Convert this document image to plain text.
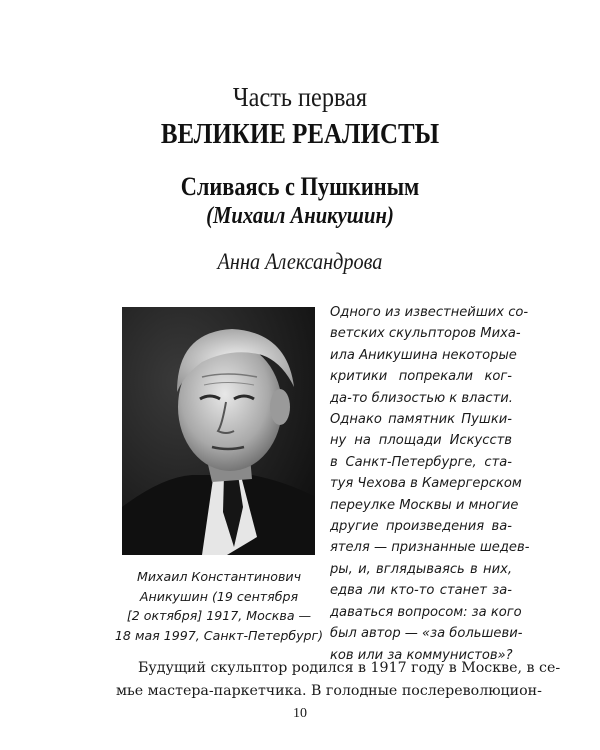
Часть первая
ВЕЛИКИЕ РЕАЛИСТЫ
Сливаясь с Пушкиным
(Михаил Аникушин)
Анна Александрова
Михаил Константинович
Аникушин (19 сентября
[2 октября] 1917, Москва —
18 мая 1997, Санкт-Петербург)
Одного из известнейших со-
ветских скульпторов Миха-
ила Аникушина некоторые
критики попрекали ког-
да-то близостью к власти.
Однако памятник Пушки-
ну на площади Искусств
в Санкт-Петербурге, ста-
туя Чехова в Камергерском
переулке Москвы и многие
другие произведения ва-
ятеля — признанные шедев-
ры, и, вглядываясь в них,
едва ли кто-то станет за-
даваться вопросом: за кого
был автор — «за большеви-
ков или за коммунистов»?
Будущий скульптор родился в 1917 году в Москве, в се-
мье мастера-паркетчика. В голодные послереволюцион-
10
